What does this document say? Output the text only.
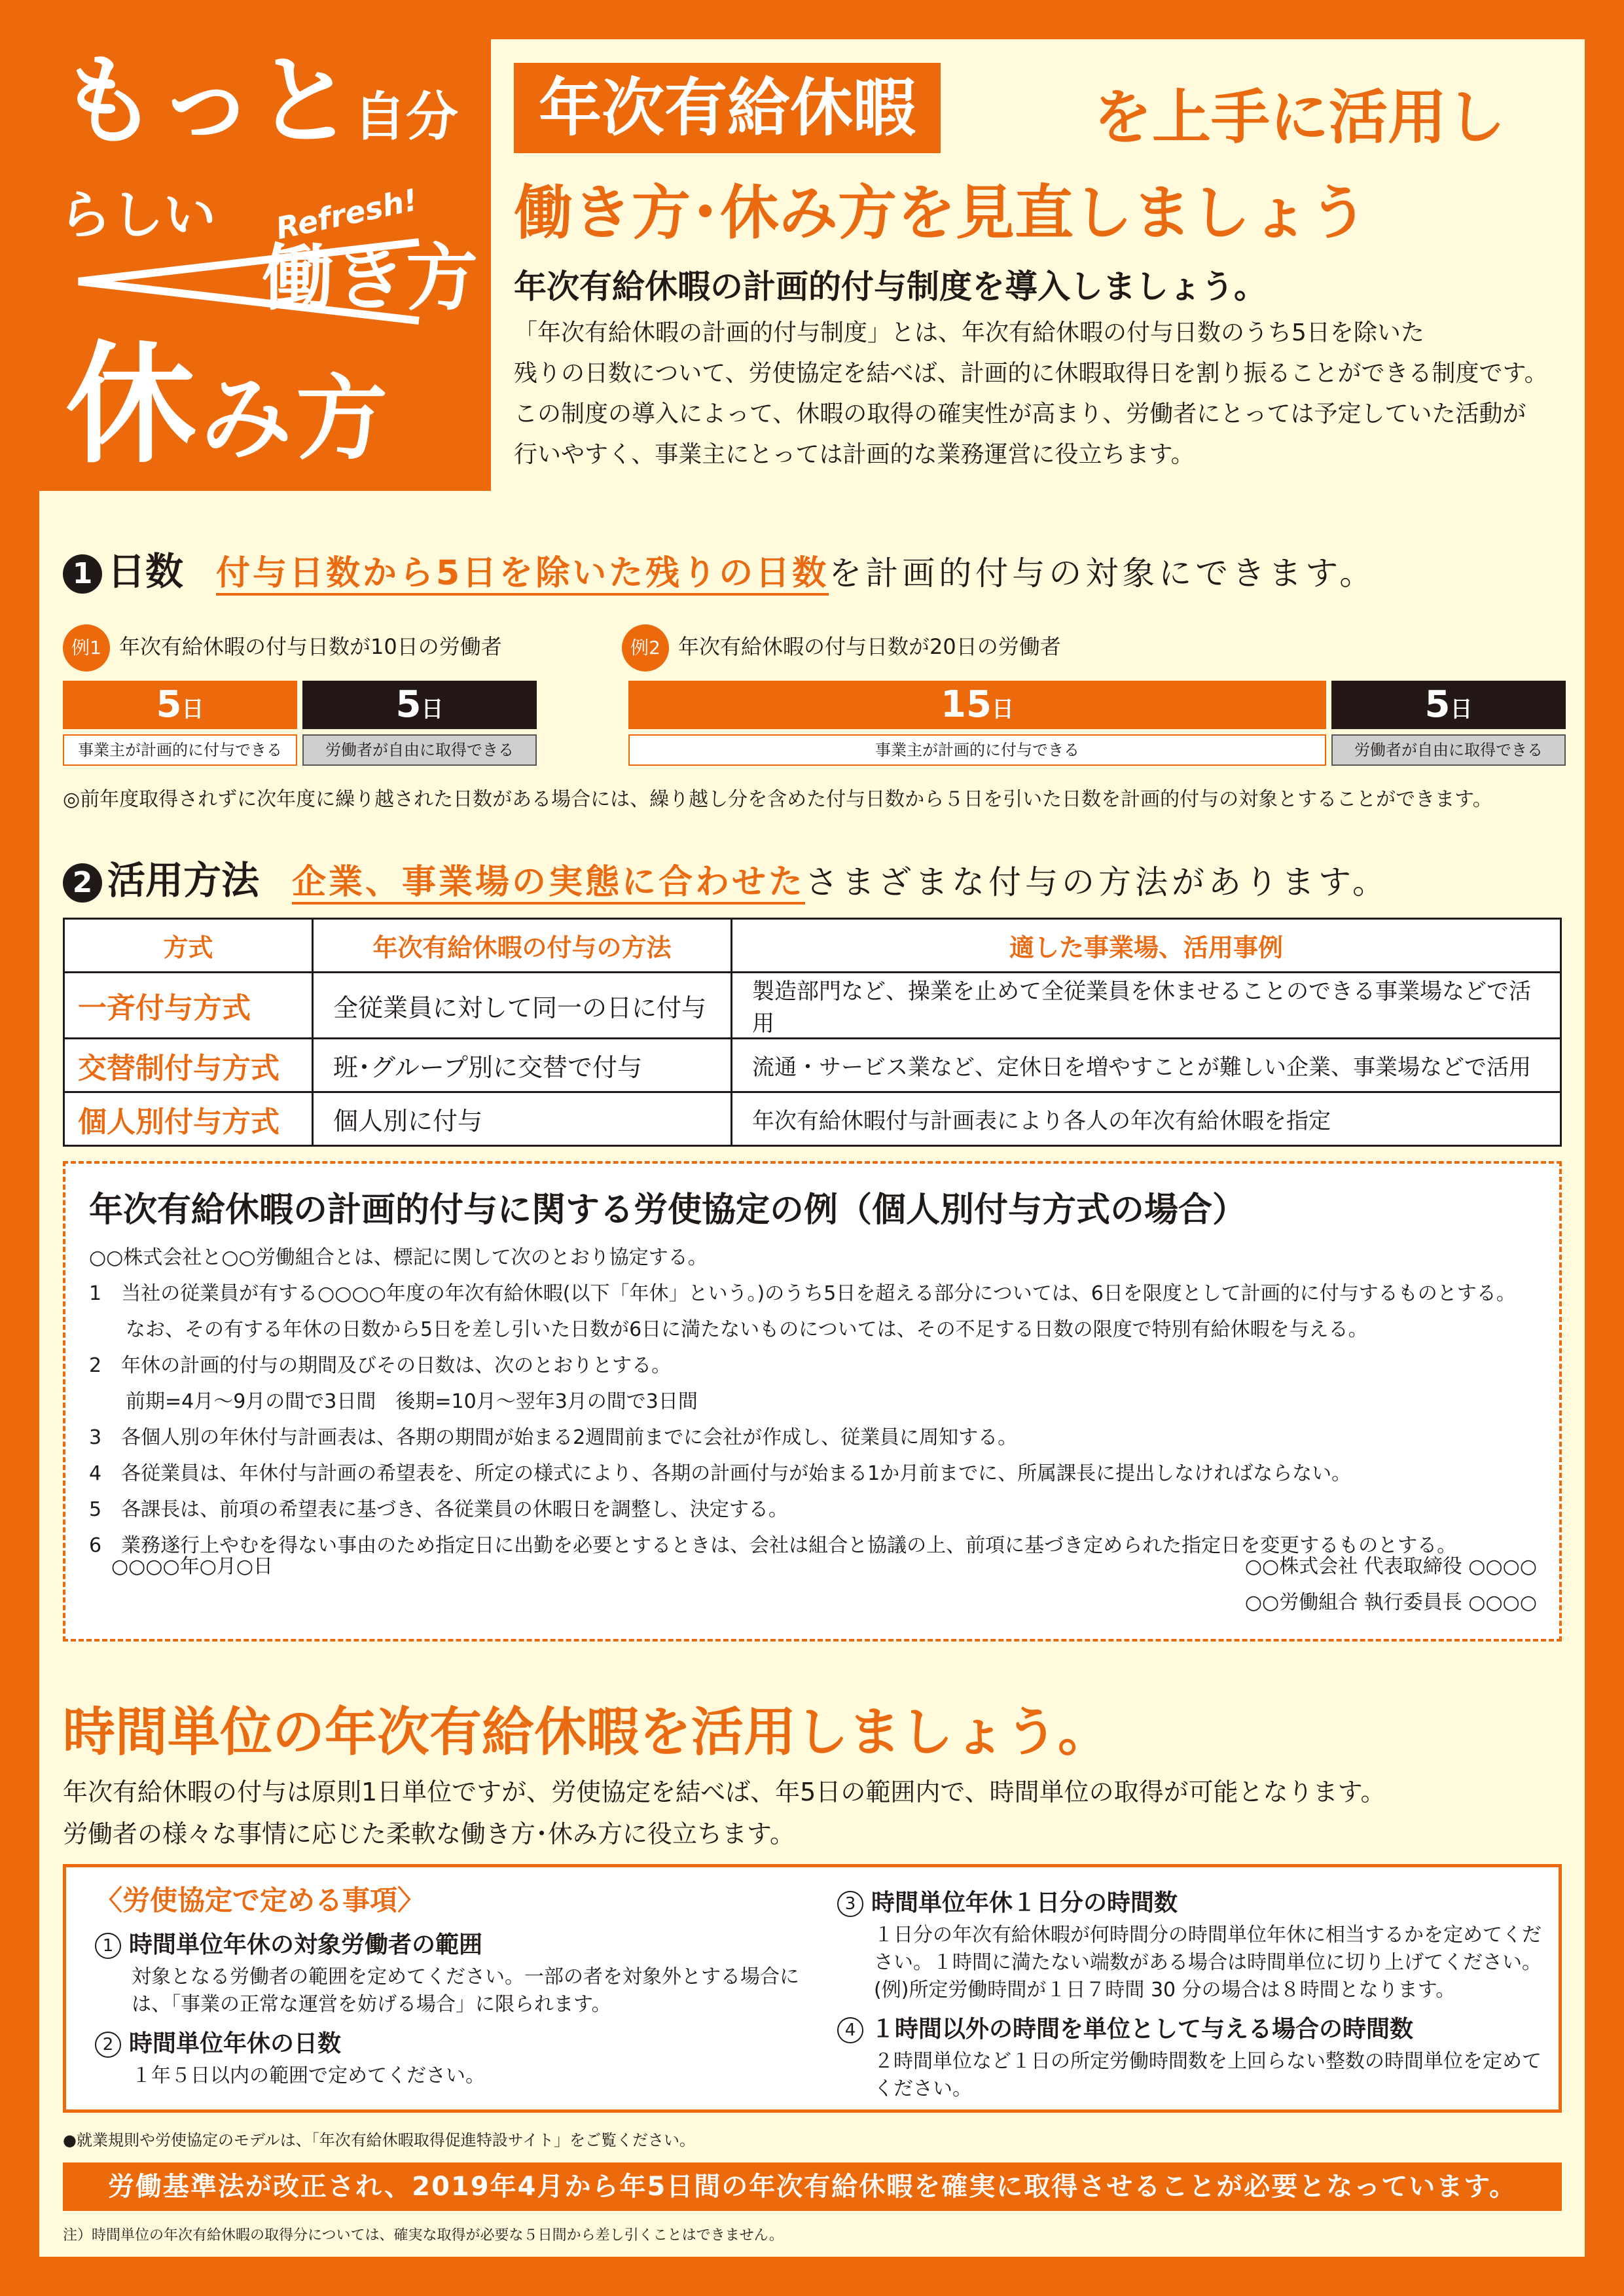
もっと自分らしい	Refresh!
働き方
休み方
年次有給休暇	を上手に活用し
働き方･休み方を見直しましょう
年次有給休暇の計画的付与制度を導入しましょう。

「年次有給休暇の計画的付与制度」とは、年次有給休暇の付与日数のうち5日を除いた

残りの日数について、労使協定を結べば、計画的に休暇取得日を割り振ることができる制度です。

この制度の導入によって、休暇の取得の確実性が高まり、労働者にとっては予定していた活動が

行いやすく、事業主にとっては計画的な業務運営に役立ちます。

1 日数 付与日数から5日を除いた残りの日数を計画的付与の対象にできます。
例1 年次有給休暇の付与日数が10日の労働者
5日	5日
事業主が計画的に付与できる	労働者が自由に取得できる
例2 年次有給休暇の付与日数が20日の労働者
15日	5日
事業主が計画的に付与できる	労働者が自由に取得できる
◎前年度取得されずに次年度に繰り越された日数がある場合には、繰り越し分を含めた付与日数から５日を引いた日数を計画的付与の対象とすることができます。
2 活用方法 企業、事業場の実態に合わせたさまざまな付与の方法があります。
方式	年次有給休暇の付与の方法	適した事業場、活用事例
一斉付与方式	全従業員に対して同一の日に付与	製造部門など、操業を止めて全従業員を休ませることのできる事業場などで活用
交替制付与方式	班･グループ別に交替で付与	流通・サービス業など、定休日を増やすことが難しい企業、事業場などで活用
個人別付与方式	個人別に付与	年次有給休暇付与計画表により各人の年次有給休暇を指定
年次有給休暇の計画的付与に関する労使協定の例（個人別付与方式の場合）

○○株式会社と○○労働組合とは、標記に関して次のとおり協定する。

1　当社の従業員が有する○○○○年度の年次有給休暇(以下「年休」という。)のうち5日を超える部分については、6日を限度として計画的に付与するものとする。

なお、その有する年休の日数から5日を差し引いた日数が6日に満たないものについては、その不足する日数の限度で特別有給休暇を与える。

2　年休の計画的付与の期間及びその日数は、次のとおりとする。

前期=4月～9月の間で3日間　後期=10月～翌年3月の間で3日間

3　各個人別の年休付与計画表は、各期の期間が始まる2週間前までに会社が作成し、従業員に周知する。

4　各従業員は、年休付与計画の希望表を、所定の様式により、各期の計画付与が始まる1か月前までに、所属課長に提出しなければならない。

5　各課長は、前項の希望表に基づき、各従業員の休暇日を調整し、決定する。

6　業務遂行上やむを得ない事由のため指定日に出勤を必要とするときは、会社は組合と協議の上、前項に基づき定められた指定日を変更するものとする。

○○○○年○月○日	○○株式会社 代表取締役 ○○○○

○○労働組合 執行委員長 ○○○○

時間単位の年次有給休暇を活用しましょう。

年次有給休暇の付与は原則1日単位ですが、労使協定を結べば、年5日の範囲内で、時間単位の取得が可能となります。

労働者の様々な事情に応じた柔軟な働き方･休み方に役立ちます。

〈労使協定で定める事項〉
1 時間単位年休の対象労働者の範囲
対象となる労働者の範囲を定めてください。一部の者を対象外とする場合には、「事業の正常な運営を妨げる場合」に限られます。
2 時間単位年休の日数
１年５日以内の範囲で定めてください。
3 時間単位年休１日分の時間数
１日分の年次有給休暇が何時間分の時間単位年休に相当するかを定めてください。１時間に満たない端数がある場合は時間単位に切り上げてください。(例)所定労働時間が１日７時間 30 分の場合は８時間となります。
4 １時間以外の時間を単位として与える場合の時間数
２時間単位など１日の所定労働時間数を上回らない整数の時間単位を定めてください。
●就業規則や労使協定のモデルは、「年次有給休暇取得促進特設サイト」をご覧ください。
労働基準法が改正され、2019年4月から年5日間の年次有給休暇を確実に取得させることが必要となっています。
注）時間単位の年次有給休暇の取得分については、確実な取得が必要な５日間から差し引くことはできません。
